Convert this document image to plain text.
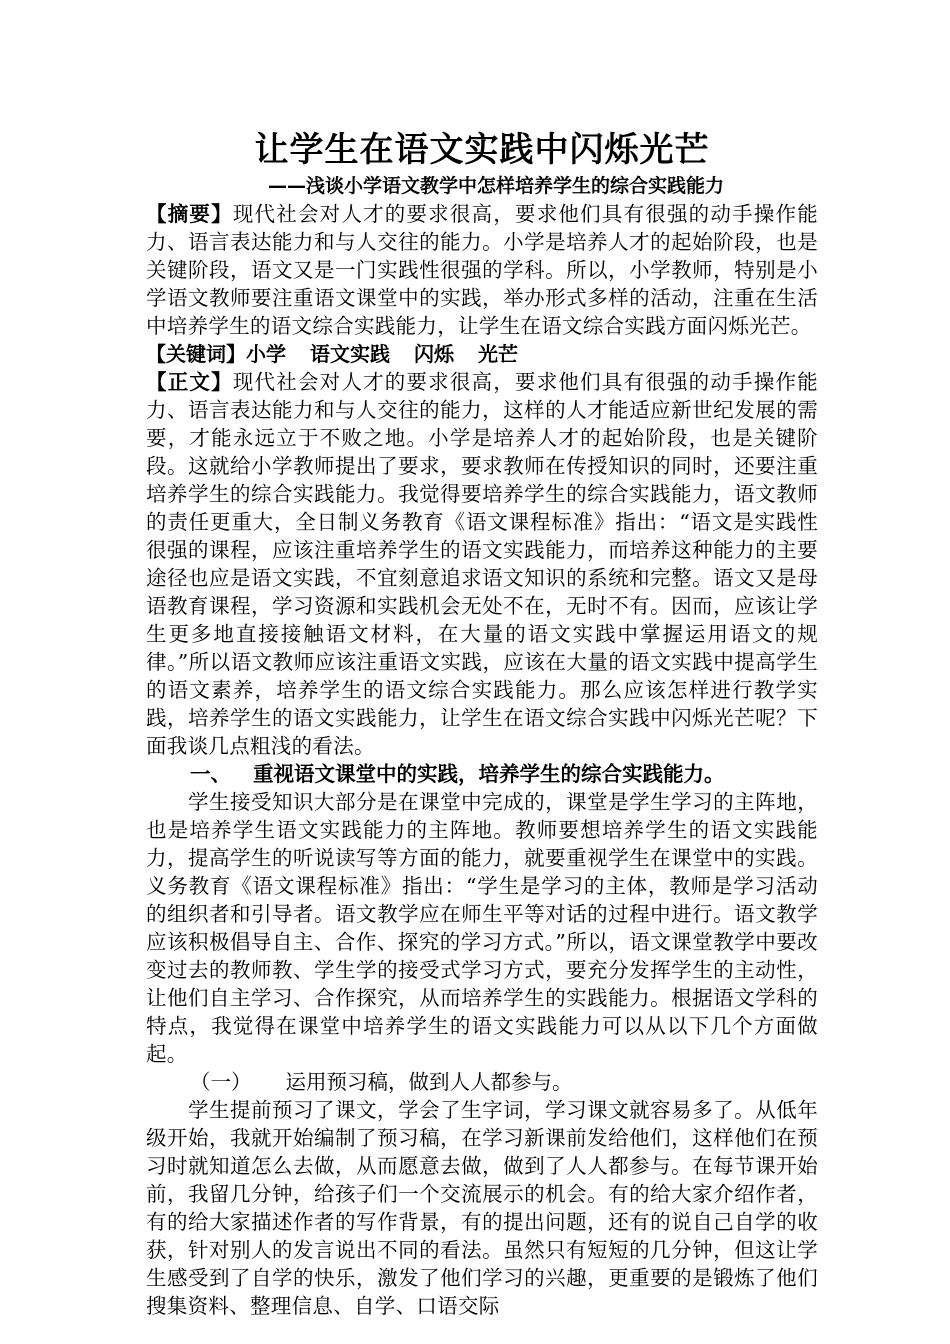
让学生在语文实践中闪烁光芒

——浅谈小学语文教学中怎样培养学生的综合实践能力

【摘要】现代社会对人才的要求很高，要求他们具有很强的动手操作能力、语言表达能力和与人交往的能力。小学是培养人才的起始阶段，也是关键阶段，语文又是一门实践性很强的学科。所以，小学教师，特别是小学语文教师要注重语文课堂中的实践，举办形式多样的活动，注重在生活中培养学生的语文综合实践能力，让学生在语文综合实践方面闪烁光芒。

【关键词】小学 语文实践 闪烁 光芒

【正文】现代社会对人才的要求很高，要求他们具有很强的动手操作能力、语言表达能力和与人交往的能力，这样的人才能适应新世纪发展的需要，才能永远立于不败之地。小学是培养人才的起始阶段，也是关键阶段。这就给小学教师提出了要求，要求教师在传授知识的同时，还要注重培养学生的综合实践能力。我觉得要培养学生的综合实践能力，语文教师的责任更重大，全日制义务教育《语文课程标准》指出：“语文是实践性很强的课程，应该注重培养学生的语文实践能力，而培养这种能力的主要途径也应是语文实践，不宜刻意追求语文知识的系统和完整。语文又是母语教育课程，学习资源和实践机会无处不在，无时不有。因而，应该让学生更多地直接接触语文材料，在大量的语文实践中掌握运用语文的规律。”所以语文教师应该注重语文实践，应该在大量的语文实践中提高学生的语文素养，培养学生的语文综合实践能力。那么应该怎样进行教学实践，培养学生的语文实践能力，让学生在语文综合实践中闪烁光芒呢？下面我谈几点粗浅的看法。

一、 重视语文课堂中的实践，培养学生的综合实践能力。

学生接受知识大部分是在课堂中完成的，课堂是学生学习的主阵地，也是培养学生语文实践能力的主阵地。教师要想培养学生的语文实践能力，提高学生的听说读写等方面的能力，就要重视学生在课堂中的实践。义务教育《语文课程标准》指出：“学生是学习的主体，教师是学习活动的组织者和引导者。语文教学应在师生平等对话的过程中进行。语文教学应该积极倡导自主、合作、探究的学习方式。”所以，语文课堂教学中要改变过去的教师教、学生学的接受式学习方式，要充分发挥学生的主动性，让他们自主学习、合作探究，从而培养学生的实践能力。根据语文学科的特点，我觉得在课堂中培养学生的语文实践能力可以从以下几个方面做起。

（一） 运用预习稿，做到人人都参与。

学生提前预习了课文，学会了生字词，学习课文就容易多了。从低年级开始，我就开始编制了预习稿，在学习新课前发给他们，这样他们在预习时就知道怎么去做，从而愿意去做，做到了人人都参与。在每节课开始前，我留几分钟，给孩子们一个交流展示的机会。有的给大家介绍作者，有的给大家描述作者的写作背景，有的提出问题，还有的说自己自学的收获，针对别人的发言说出不同的看法。虽然只有短短的几分钟，但这让学生感受到了自学的快乐，激发了他们学习的兴趣，更重要的是锻炼了他们搜集资料、整理信息、自学、口语交际
